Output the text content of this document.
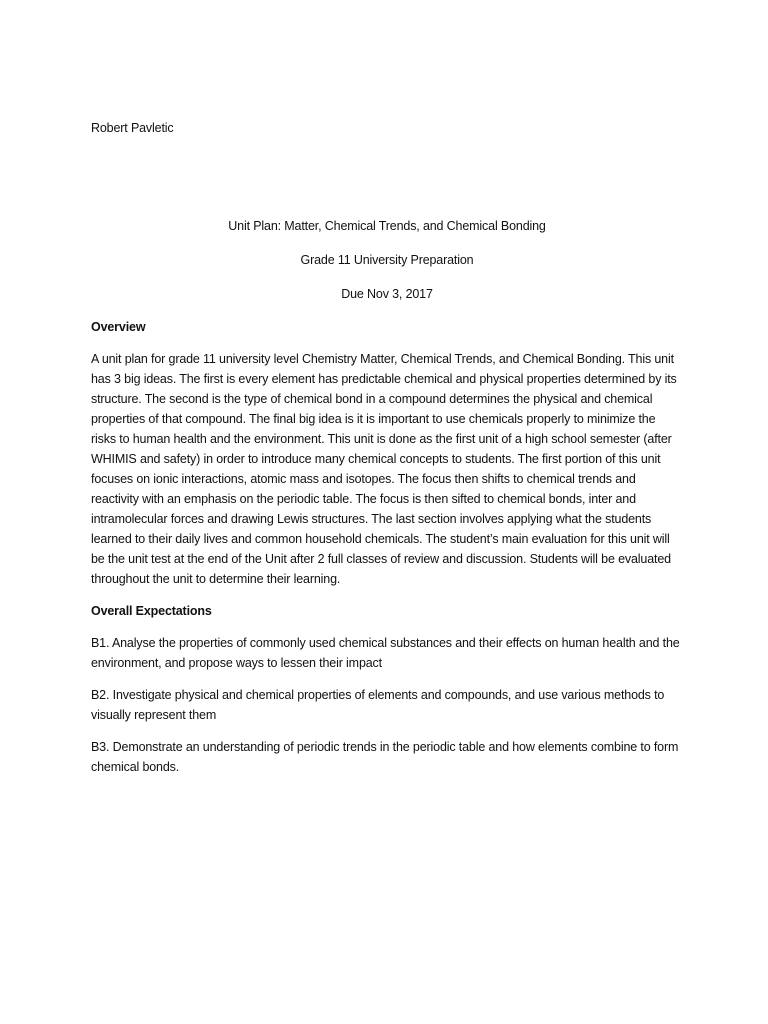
Robert Pavletic
Unit Plan: Matter, Chemical Trends, and Chemical Bonding
Grade 11 University Preparation
Due Nov 3, 2017
Overview
A unit plan for grade 11 university level Chemistry Matter, Chemical Trends, and Chemical Bonding. This unit has 3 big ideas. The first is every element has predictable chemical and physical properties determined by its structure. The second is the type of chemical bond in a compound determines the physical and chemical properties of that compound. The final big idea is it is important to use chemicals properly to minimize the risks to human health and the environment. This unit is done as the first unit of a high school semester (after WHIMIS and safety) in order to introduce many chemical concepts to students. The first portion of this unit focuses on ionic interactions, atomic mass and isotopes. The focus then shifts to chemical trends and reactivity with an emphasis on the periodic table. The focus is then sifted to chemical bonds, inter and intramolecular forces and drawing Lewis structures. The last section involves applying what the students learned to their daily lives and common household chemicals. The student’s main evaluation for this unit will be the unit test at the end of the Unit after 2 full classes of review and discussion. Students will be evaluated throughout the unit to determine their learning.
Overall Expectations
B1. Analyse the properties of commonly used chemical substances and their effects on human health and the environment, and propose ways to lessen their impact
B2. Investigate physical and chemical properties of elements and compounds, and use various methods to visually represent them
B3. Demonstrate an understanding of periodic trends in the periodic table and how elements combine to form chemical bonds.
